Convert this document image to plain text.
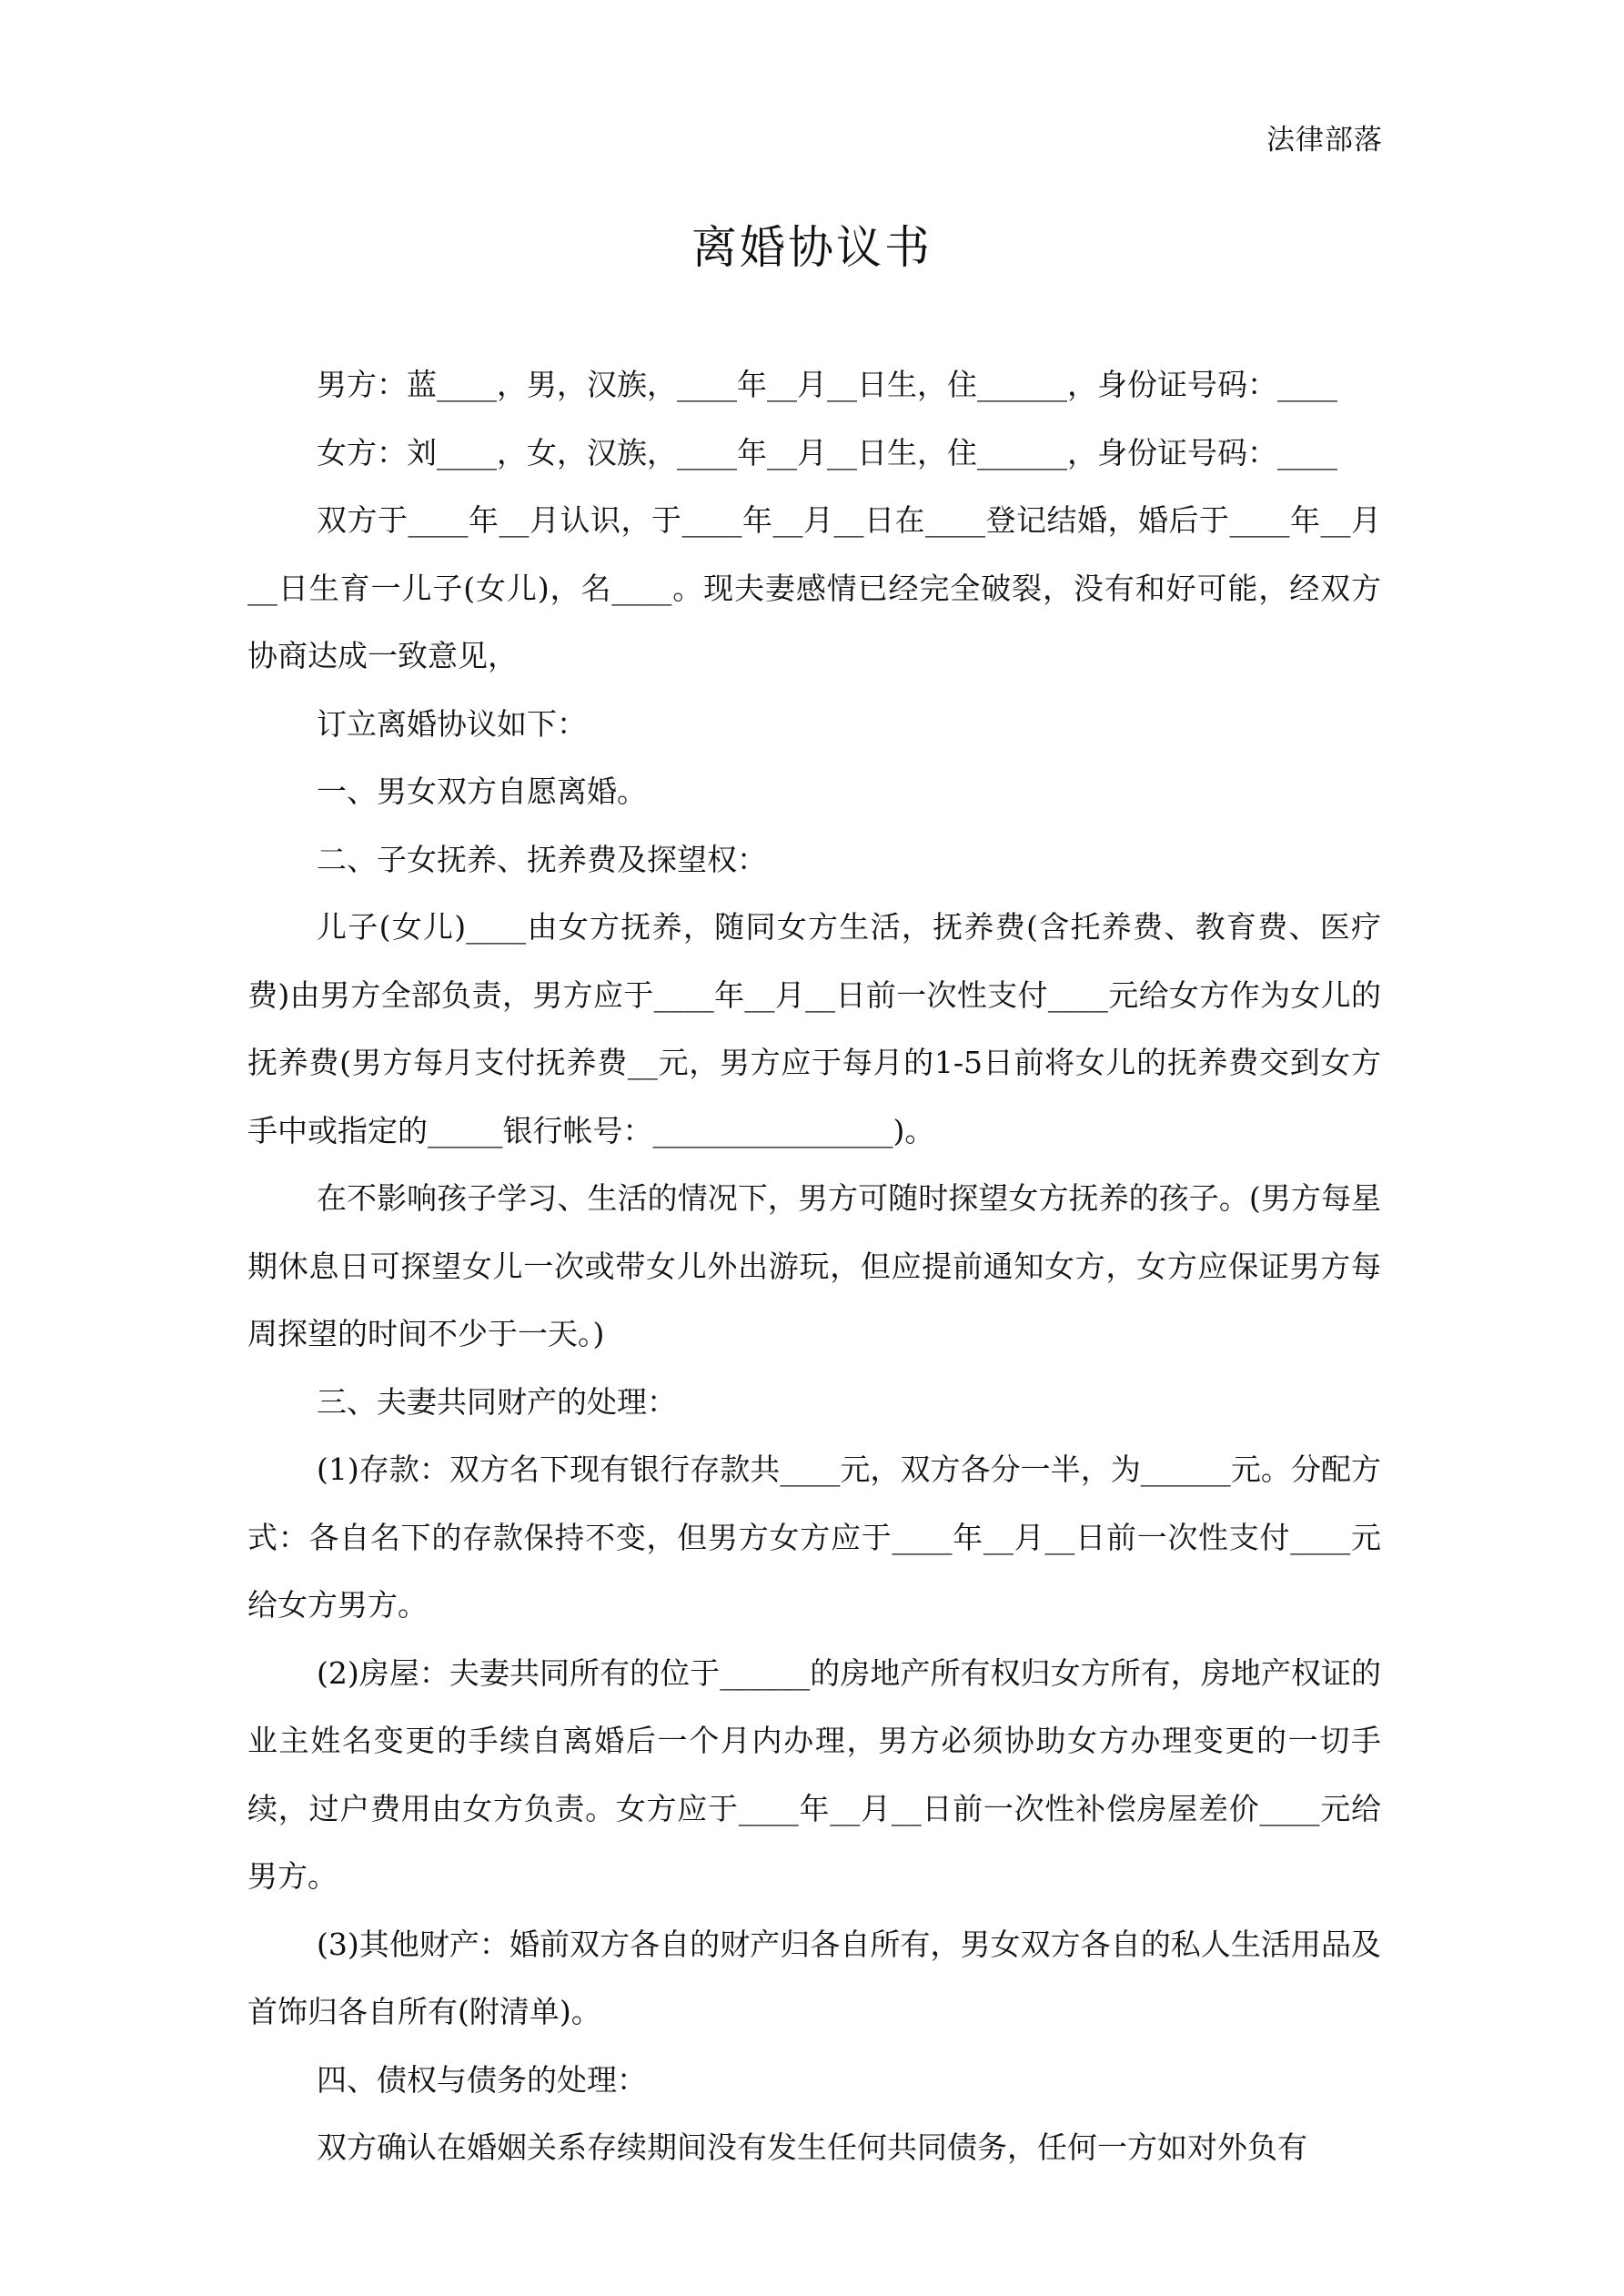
法律部落
离婚协议书

男方：蓝____，男，汉族，____年__月__日生，住______，身份证号码：____

女方：刘____，女，汉族，____年__月__日生，住______，身份证号码：____

双方于____年__月认识，于____年__月__日在____登记结婚，婚后于____年__月__日生育一儿子(女儿)，名____。现夫妻感情已经完全破裂，没有和好可能，经双方协商达成一致意见，

订立离婚协议如下：

一、男女双方自愿离婚。

二、子女抚养、抚养费及探望权：

儿子(女儿)____由女方抚养，随同女方生活，抚养费(含托养费、教育费、医疗费)由男方全部负责，男方应于____年__月__日前一次性支付____元给女方作为女儿的抚养费(男方每月支付抚养费__元，男方应于每月的1-5日前将女儿的抚养费交到女方手中或指定的_____银行帐号：________________)。

在不影响孩子学习、生活的情况下，男方可随时探望女方抚养的孩子。(男方每星期休息日可探望女儿一次或带女儿外出游玩，但应提前通知女方，女方应保证男方每周探望的时间不少于一天。)

三、夫妻共同财产的处理：

(1)存款：双方名下现有银行存款共____元，双方各分一半，为______元。分配方式：各自名下的存款保持不变，但男方女方应于____年__月__日前一次性支付____元给女方男方。

(2)房屋：夫妻共同所有的位于______的房地产所有权归女方所有，房地产权证的业主姓名变更的手续自离婚后一个月内办理，男方必须协助女方办理变更的一切手续，过户费用由女方负责。女方应于____年__月__日前一次性补偿房屋差价____元给男方。

(3)其他财产：婚前双方各自的财产归各自所有，男女双方各自的私人生活用品及首饰归各自所有(附清单)。

四、债权与债务的处理：

双方确认在婚姻关系存续期间没有发生任何共同债务，任何一方如对外负有
